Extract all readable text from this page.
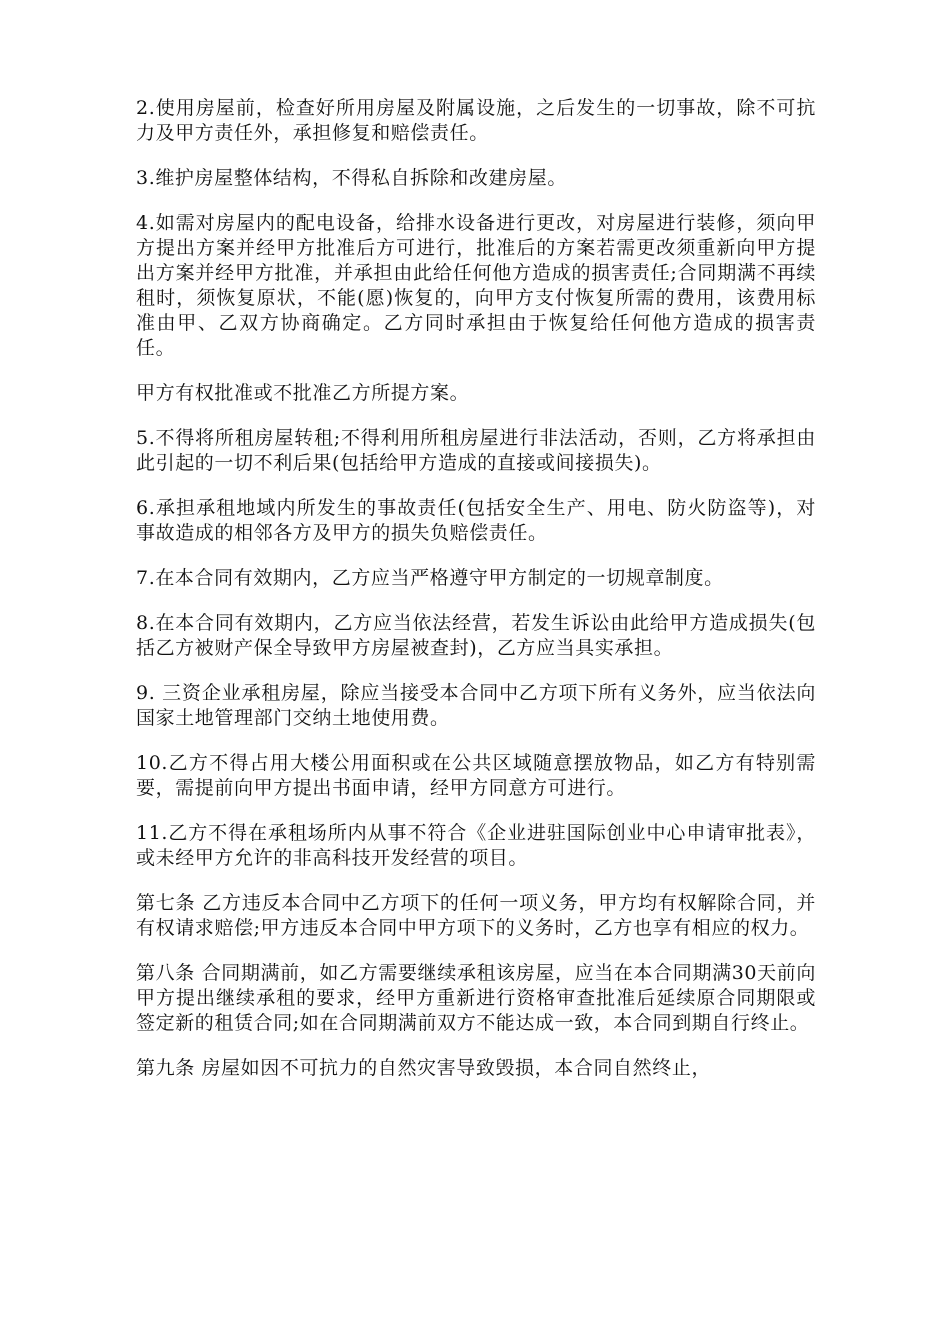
2.使用房屋前，检查好所用房屋及附属设施，之后发生的一切事故，除不可抗力及甲方责任外，承担修复和赔偿责任。

3.维护房屋整体结构，不得私自拆除和改建房屋。

4.如需对房屋内的配电设备，给排水设备进行更改，对房屋进行装修，须向甲方提出方案并经甲方批准后方可进行，批准后的方案若需更改须重新向甲方提出方案并经甲方批准，并承担由此给任何他方造成的损害责任;合同期满不再续租时，须恢复原状，不能(愿)恢复的，向甲方支付恢复所需的费用，该费用标准由甲、乙双方协商确定。乙方同时承担由于恢复给任何他方造成的损害责任。

甲方有权批准或不批准乙方所提方案。

5.不得将所租房屋转租;不得利用所租房屋进行非法活动，否则，乙方将承担由此引起的一切不利后果(包括给甲方造成的直接或间接损失)。

6.承担承租地域内所发生的事故责任(包括安全生产、用电、防火防盗等)，对事故造成的相邻各方及甲方的损失负赔偿责任。

7.在本合同有效期内，乙方应当严格遵守甲方制定的一切规章制度。

8.在本合同有效期内，乙方应当依法经营，若发生诉讼由此给甲方造成损失(包括乙方被财产保全导致甲方房屋被查封)，乙方应当具实承担。

9. 三资企业承租房屋，除应当接受本合同中乙方项下所有义务外，应当依法向国家土地管理部门交纳土地使用费。

10.乙方不得占用大楼公用面积或在公共区域随意摆放物品，如乙方有特别需要，需提前向甲方提出书面申请，经甲方同意方可进行。

11.乙方不得在承租场所内从事不符合《企业进驻国际创业中心申请审批表》，或未经甲方允许的非高科技开发经营的项目。

第七条 乙方违反本合同中乙方项下的任何一项义务，甲方均有权解除合同，并有权请求赔偿;甲方违反本合同中甲方项下的义务时，乙方也享有相应的权力。

第八条 合同期满前，如乙方需要继续承租该房屋，应当在本合同期满30天前向甲方提出继续承租的要求，经甲方重新进行资格审查批准后延续原合同期限或签定新的租赁合同;如在合同期满前双方不能达成一致，本合同到期自行终止。

第九条 房屋如因不可抗力的自然灾害导致毁损，本合同自然终止，
